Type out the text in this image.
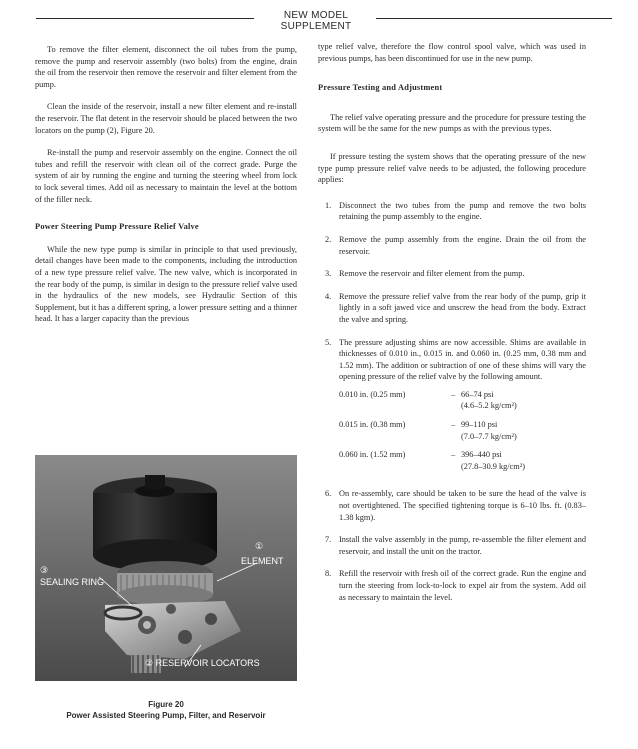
NEW MODEL SUPPLEMENT

To remove the filter element, disconnect the oil tubes from the pump, remove the pump and reservoir assembly (two bolts) from the engine, drain the oil from the reservoir then remove the reservoir and filter element from the pump.

Clean the inside of the reservoir, install a new filter element and re-install the reservoir. The flat detent in the reservoir should be placed between the two locators on the pump (2), Figure 20.

Re-install the pump and reservoir assembly on the engine. Connect the oil tubes and refill the reservoir with clean oil of the correct grade. Purge the system of air by running the engine and turning the steering wheel from lock to lock several times. Add oil as necessary to maintain the level at the bottom of the filler neck.

Power Steering Pump Pressure Relief Valve

While the new type pump is similar in principle to that used previously, detail changes have been made to the components, including the introduction of a new type pressure relief valve. The new valve, which is incorporated in the rear body of the pump, is similar in design to the pressure relief valve used in the hydraulics of the new models, see Hydraulic Section of this Supplement, but it has a different spring, a lower pressure setting and a thinner head. It has a larger capacity than the previous

③
SEALING RING
①
ELEMENT
② RESERVOIR LOCATORS
Figure 20
Power Assisted Steering Pump, Filter, and Reservoir

type relief valve, therefore the flow control spool valve, which was used in previous pumps, has been discontinued for use in the new pump.

Pressure Testing and Adjustment

The relief valve operating pressure and the procedure for pressure testing the system will be the same for the new pumps as with the previous types.

If pressure testing the system shows that the operating pressure of the new type pump pressure relief valve needs to be adjusted, the following procedure applies:

1. Disconnect the two tubes from the pump and remove the two bolts retaining the pump assembly to the engine.
2. Remove the pump assembly from the engine. Drain the oil from the reservoir.
3. Remove the reservoir and filter element from the pump.
4. Remove the pressure relief valve from the rear body of the pump, grip it lightly in a soft jawed vice and unscrew the head from the body. Extract the valve and spring.
5. The pressure adjusting shims are now accessible. Shims are available in thicknesses of 0.010 in., 0.015 in. and 0.060 in. (0.25 mm, 0.38 mm and 1.52 mm). The addition or subtraction of one of these shims will vary the opening pressure of the relief valve by the following amount.
0.010 in. (0.25 mm)	–	66–74 psi
(4.6–5.2 kg/cm²)

0.015 in. (0.38 mm)	–	99–110 psi
(7.0–7.7 kg/cm²)

0.060 in. (1.52 mm)	–	396–440 psi
(27.8–30.9 kg/cm²)
6. On re-assembly, care should be taken to be sure the head of the valve is not overtightened. The specified tightening torque is 6–10 lbs. ft. (0.83–1.38 kgm).
7. Install the valve assembly in the pump, re-assemble the filter element and reservoir, and install the unit on the tractor.
8. Refill the reservoir with fresh oil of the correct grade. Run the engine and turn the steering from lock-to-lock to expel air from the system. Add oil as necessary to maintain the level.
